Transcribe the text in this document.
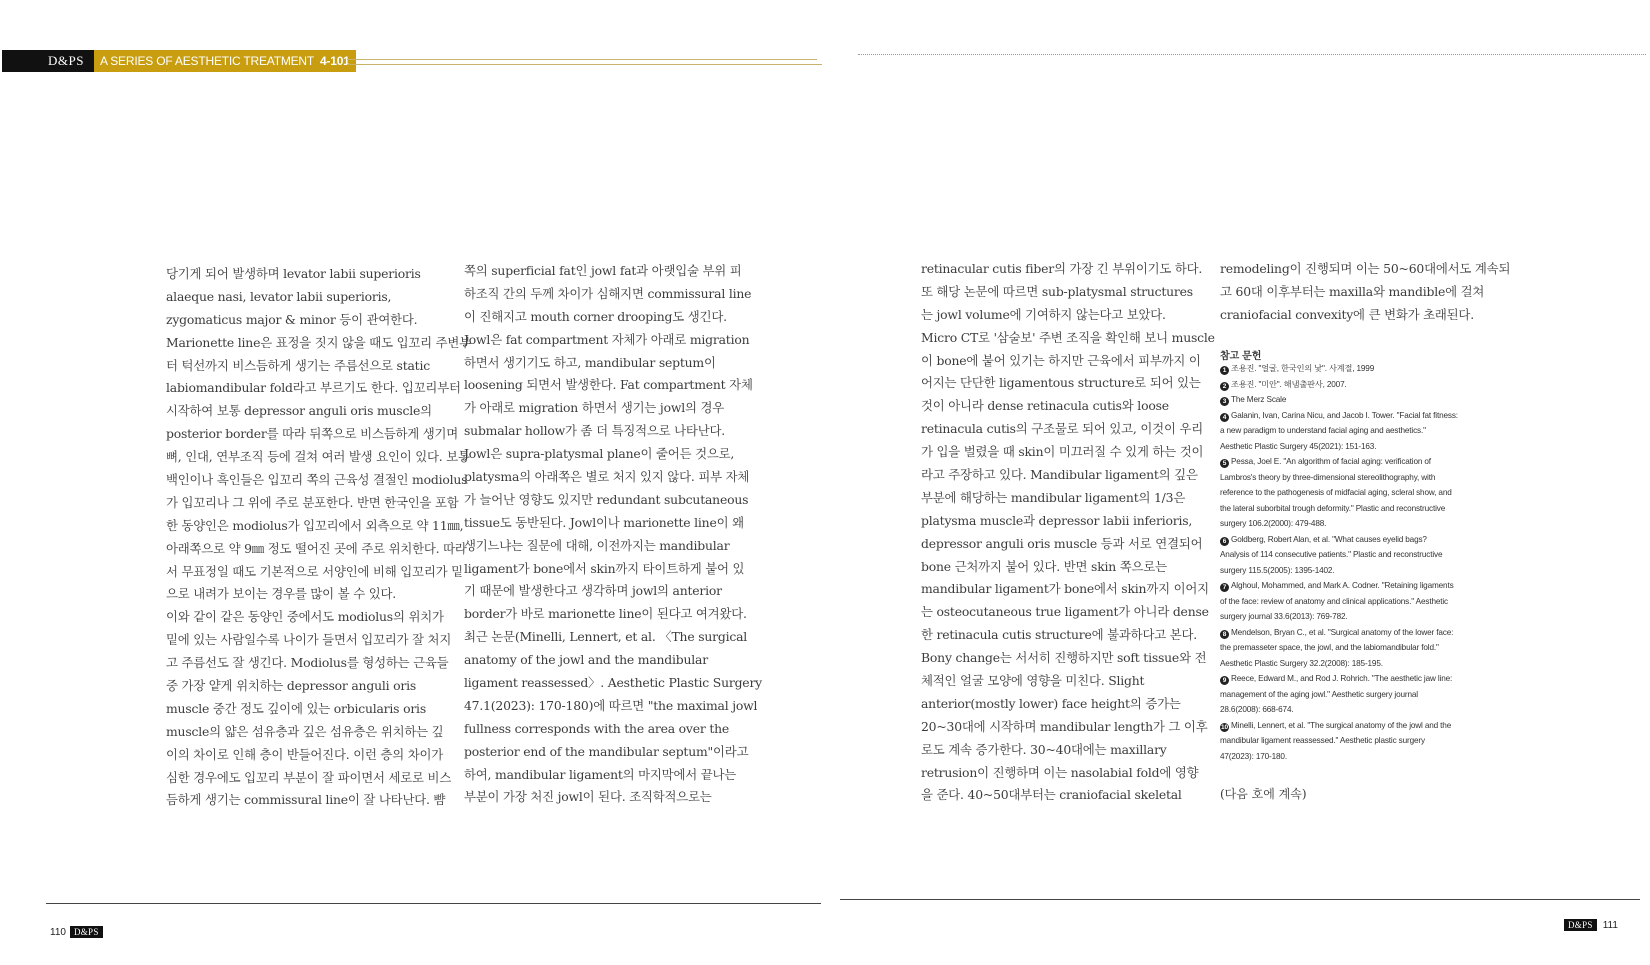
D&PS	A SERIES OF AESTHETIC TREATMENT 4-101
당기게 되어 발생하며 levator labii superioris
alaeque nasi, levator labii superioris,
zygomaticus major & minor 등이 관여한다.
Marionette line은 표정을 짓지 않을 때도 입꼬리 주변부
터 턱선까지 비스듬하게 생기는 주름선으로 static
labiomandibular fold라고 부르기도 한다. 입꼬리부터
시작하여 보통 depressor anguli oris muscle의
posterior border를 따라 뒤쪽으로 비스듬하게 생기며
뼈, 인대, 연부조직 등에 걸쳐 여러 발생 요인이 있다. 보통
백인이나 흑인들은 입꼬리 쪽의 근육성 결절인 modiolus
가 입꼬리나 그 위에 주로 분포한다. 반면 한국인을 포함
한 동양인은 modiolus가 입꼬리에서 외측으로 약 11㎜,
아래쪽으로 약 9㎜ 정도 떨어진 곳에 주로 위치한다. 따라
서 무표정일 때도 기본적으로 서양인에 비해 입꼬리가 밑
으로 내려가 보이는 경우를 많이 볼 수 있다.
이와 같이 같은 동양인 중에서도 modiolus의 위치가
밑에 있는 사람일수록 나이가 들면서 입꼬리가 잘 처지
고 주름선도 잘 생긴다. Modiolus를 형성하는 근육들
중 가장 얕게 위치하는 depressor anguli oris
muscle 중간 정도 깊이에 있는 orbicularis oris
muscle의 얇은 섬유층과 깊은 섬유층은 위치하는 깊
이의 차이로 인해 층이 반들어진다. 이런 층의 차이가
심한 경우에도 입꼬리 부분이 잘 파이면서 세로로 비스
듬하게 생기는 commissural line이 잘 나타난다. 뺨
쪽의 superficial fat인 jowl fat과 아랫입술 부위 피
하조직 간의 두께 차이가 심해지면 commissural line
이 진해지고 mouth corner drooping도 생긴다.
Jowl은 fat compartment 자체가 아래로 migration
하면서 생기기도 하고, mandibular septum이
loosening 되면서 발생한다. Fat compartment 자체
가 아래로 migration 하면서 생기는 jowl의 경우
submalar hollow가 좀 더 특징적으로 나타난다.
Jowl은 supra-platysmal plane이 줄어든 것으로,
platysma의 아래쪽은 별로 처지 있지 않다. 피부 자체
가 늘어난 영향도 있지만 redundant subcutaneous
tissue도 동반된다. Jowl이나 marionette line이 왜
생기느냐는 질문에 대해, 이전까지는 mandibular
ligament가 bone에서 skin까지 타이트하게 붙어 있
기 때문에 발생한다고 생각하며 jowl의 anterior
border가 바로 marionette line이 된다고 여겨왔다.
최근 논문(Minelli, Lennert, et al. 〈The surgical
anatomy of the jowl and the mandibular
ligament reassessed〉. Aesthetic Plastic Surgery
47.1(2023): 170-180)에 따르면 "the maximal jowl
fullness corresponds with the area over the
posterior end of the mandibular septum"이라고
하여, mandibular ligament의 마지막에서 끝나는
부분이 가장 처진 jowl이 된다. 조직학적으로는
retinacular cutis fiber의 가장 긴 부위이기도 하다.
또 해당 논문에 따르면 sub-platysmal structures
는 jowl volume에 기여하지 않는다고 보았다.
Micro CT로 '삼술보' 주변 조직을 확인해 보니 muscle
이 bone에 붙어 있기는 하지만 근육에서 피부까지 이
어지는 단단한 ligamentous structure로 되어 있는
것이 아니라 dense retinacula cutis와 loose
retinacula cutis의 구조물로 되어 있고, 이것이 우리
가 입을 벌렸을 때 skin이 미끄러질 수 있게 하는 것이
라고 주장하고 있다. Mandibular ligament의 깊은
부분에 해당하는 mandibular ligament의 1/3은
platysma muscle과 depressor labii inferioris,
depressor anguli oris muscle 등과 서로 연결되어
bone 근처까지 붙어 있다. 반면 skin 쪽으로는
mandibular ligament가 bone에서 skin까지 이어지
는 osteocutaneous true ligament가 아니라 dense
한 retinacula cutis structure에 불과하다고 본다.
Bony change는 서서히 진행하지만 soft tissue와 전
체적인 얼굴 모양에 영향을 미친다. Slight
anterior(mostly lower) face height의 증가는
20~30대에 시작하며 mandibular length가 그 이후
로도 계속 증가한다. 30~40대에는 maxillary
retrusion이 진행하며 이는 nasolabial fold에 영향
을 준다. 40~50대부터는 craniofacial skeletal
remodeling이 진행되며 이는 50~60대에서도 계속되
고 60대 이후부터는 maxilla와 mandible에 걸쳐
craniofacial convexity에 큰 변화가 초래된다.
참고 문헌
1 조용진. "얼굴, 한국인의 낯". 사계절, 1999
2 조용진. "미안". 해냄출판사, 2007.
3 The Merz Scale
4 Galanin, Ivan, Carina Nicu, and Jacob I. Tower. "Facial fat fitness:
a new paradigm to understand facial aging and aesthetics."
Aesthetic Plastic Surgery 45(2021): 151-163.
5 Pessa, Joel E. "An algorithm of facial aging: verification of
Lambros's theory by three-dimensional stereolithography, with
reference to the pathogenesis of midfacial aging, scleral show, and
the lateral suborbital trough deformity." Plastic and reconstructive
surgery 106.2(2000): 479-488.
6 Goldberg, Robert Alan, et al. "What causes eyelid bags?
Analysis of 114 consecutive patients." Plastic and reconstructive
surgery 115.5(2005): 1395-1402.
7 Alghoul, Mohammed, and Mark A. Codner. "Retaining ligaments
of the face: review of anatomy and clinical applications." Aesthetic
surgery journal 33.6(2013): 769-782.
8 Mendelson, Bryan C., et al. "Surgical anatomy of the lower face:
the premasseter space, the jowl, and the labiomandibular fold."
Aesthetic Plastic Surgery 32.2(2008): 185-195.
9 Reece, Edward M., and Rod J. Rohrich. "The aesthetic jaw line:
management of the aging jowl." Aesthetic surgery journal
28.6(2008): 668-674.
10 Minelli, Lennert, et al. "The surgical anatomy of the jowl and the
mandibular ligament reassessed." Aesthetic plastic surgery
47(2023): 170-180.
(다음 호에 계속)
110 D&PS
D&PS	111
